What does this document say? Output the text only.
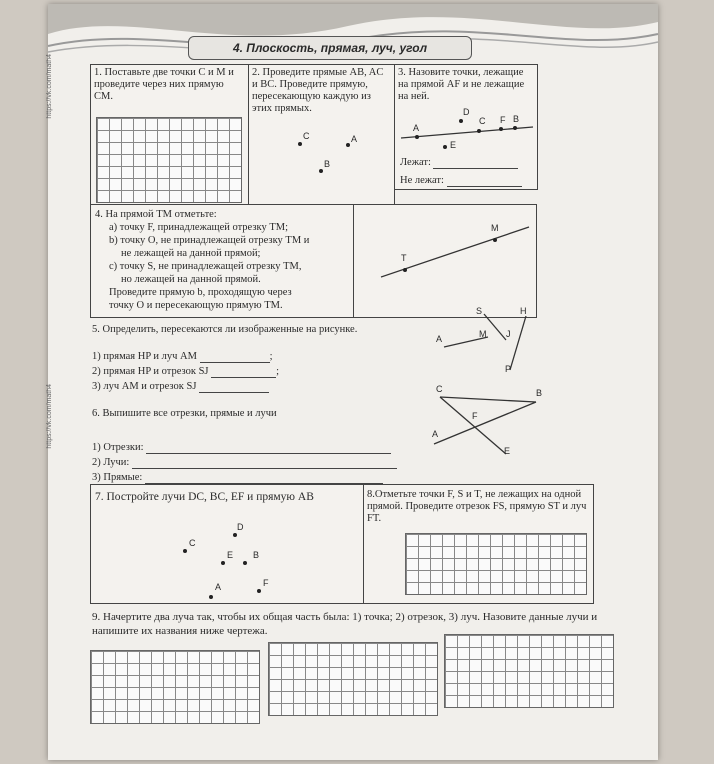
4. Плоскость, прямая, луч, угол
https://vk.com/math4
https://vk.com/math4
1. Поставьте две точки C и M и проведите через них прямую CM.
2. Проведите прямые AB, AC и BC. Проведите прямую, пересекающую каждую из этих прямых.
C	A
B
3. Назовите точки, лежащие на прямой AF и не лежащие на ней.
A
D
C F B
E
Лежат:
Не лежат:
4. На прямой TM отметьте:
a) точку F, принадлежащей отрезку TM;
b) точку O, не принадлежащей отрезку TM и
не лежащей на данной прямой;
c) точку S, не принадлежащей отрезку TM,
но лежащей на данной прямой.
Проведите прямую b, проходящую через
точку O и пересекающую прямую TM.
T
M
5. Определить, пересекаются ли изображенные на рисунке.
1) прямая HP и луч AM	;
2) прямая HP и отрезок SJ	;
3) луч AM и отрезок SJ
A
S	H
M J
P
6. Выпишите все отрезки, прямые и лучи
1) Отрезки:
2) Лучи:
3) Прямые:
C	B
F
A
E
7. Постройте лучи DC, BC, EF и прямую AB
D
C
E B
A	F
8.Отметьте точки F, S и T, не лежащих на одной прямой. Проведите отрезок FS, прямую ST и луч FT.
9. Начертите два луча так, чтобы их общая часть была: 1) точка; 2) отрезок, 3) луч. Назовите данные лучи и напишите их названия ниже чертежа.
